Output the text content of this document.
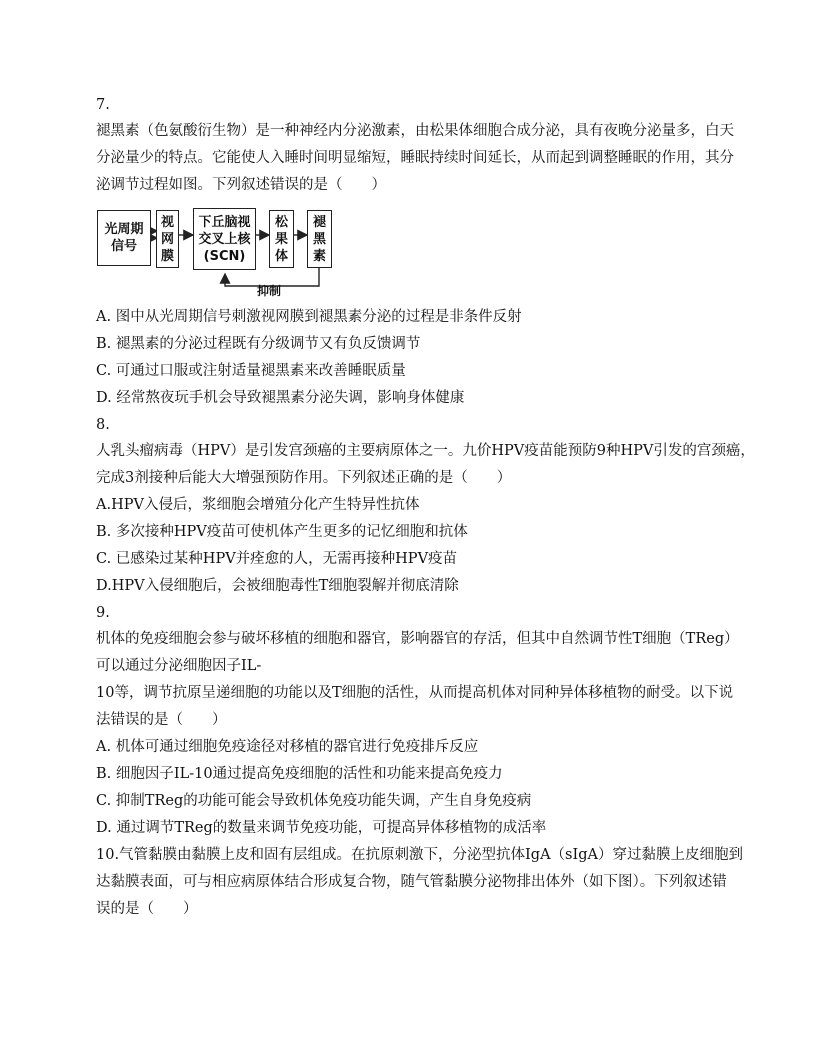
7.
褪黑素（色氨酸衍生物）是一种神经内分泌激素，由松果体细胞合成分泌，具有夜晚分泌量多，白天
分泌量少的特点。它能使人入睡时间明显缩短，睡眠持续时间延长，从而起到调整睡眠的作用，其分
泌调节过程如图。下列叙述错误的是（　　）
光周期
信号
视
网
膜
下丘脑视
交叉上核
(SCN)
松
果
体
褪
黑
素
抑制
A. 图中从光周期信号刺激视网膜到褪黑素分泌的过程是非条件反射
B. 褪黑素的分泌过程既有分级调节又有负反馈调节
C. 可通过口服或注射适量褪黑素来改善睡眠质量
D. 经常熬夜玩手机会导致褪黑素分泌失调，影响身体健康
8.
人乳头瘤病毒（HPV）是引发宫颈癌的主要病原体之一。九价HPV疫苗能预防9种HPV引发的宫颈癌，
完成3剂接种后能大大增强预防作用。下列叙述正确的是（　　）
A.HPV入侵后，浆细胞会增殖分化产生特异性抗体
B. 多次接种HPV疫苗可使机体产生更多的记忆细胞和抗体
C. 已感染过某种HPV并痊愈的人，无需再接种HPV疫苗
D.HPV入侵细胞后，会被细胞毒性T细胞裂解并彻底清除
9.
机体的免疫细胞会参与破坏移植的细胞和器官，影响器官的存活，但其中自然调节性T细胞（TReg）
可以通过分泌细胞因子IL-
10等，调节抗原呈递细胞的功能以及T细胞的活性，从而提高机体对同种异体移植物的耐受。以下说
法错误的是（　　）
A. 机体可通过细胞免疫途径对移植的器官进行免疫排斥反应
B. 细胞因子IL-10通过提高免疫细胞的活性和功能来提高免疫力
C. 抑制TReg的功能可能会导致机体免疫功能失调，产生自身免疫病
D. 通过调节TReg的数量来调节免疫功能，可提高异体移植物的成活率
10.气管黏膜由黏膜上皮和固有层组成。在抗原刺激下，分泌型抗体IgA（sIgA）穿过黏膜上皮细胞到
达黏膜表面，可与相应病原体结合形成复合物，随气管黏膜分泌物排出体外（如下图）。下列叙述错
误的是（　　）
